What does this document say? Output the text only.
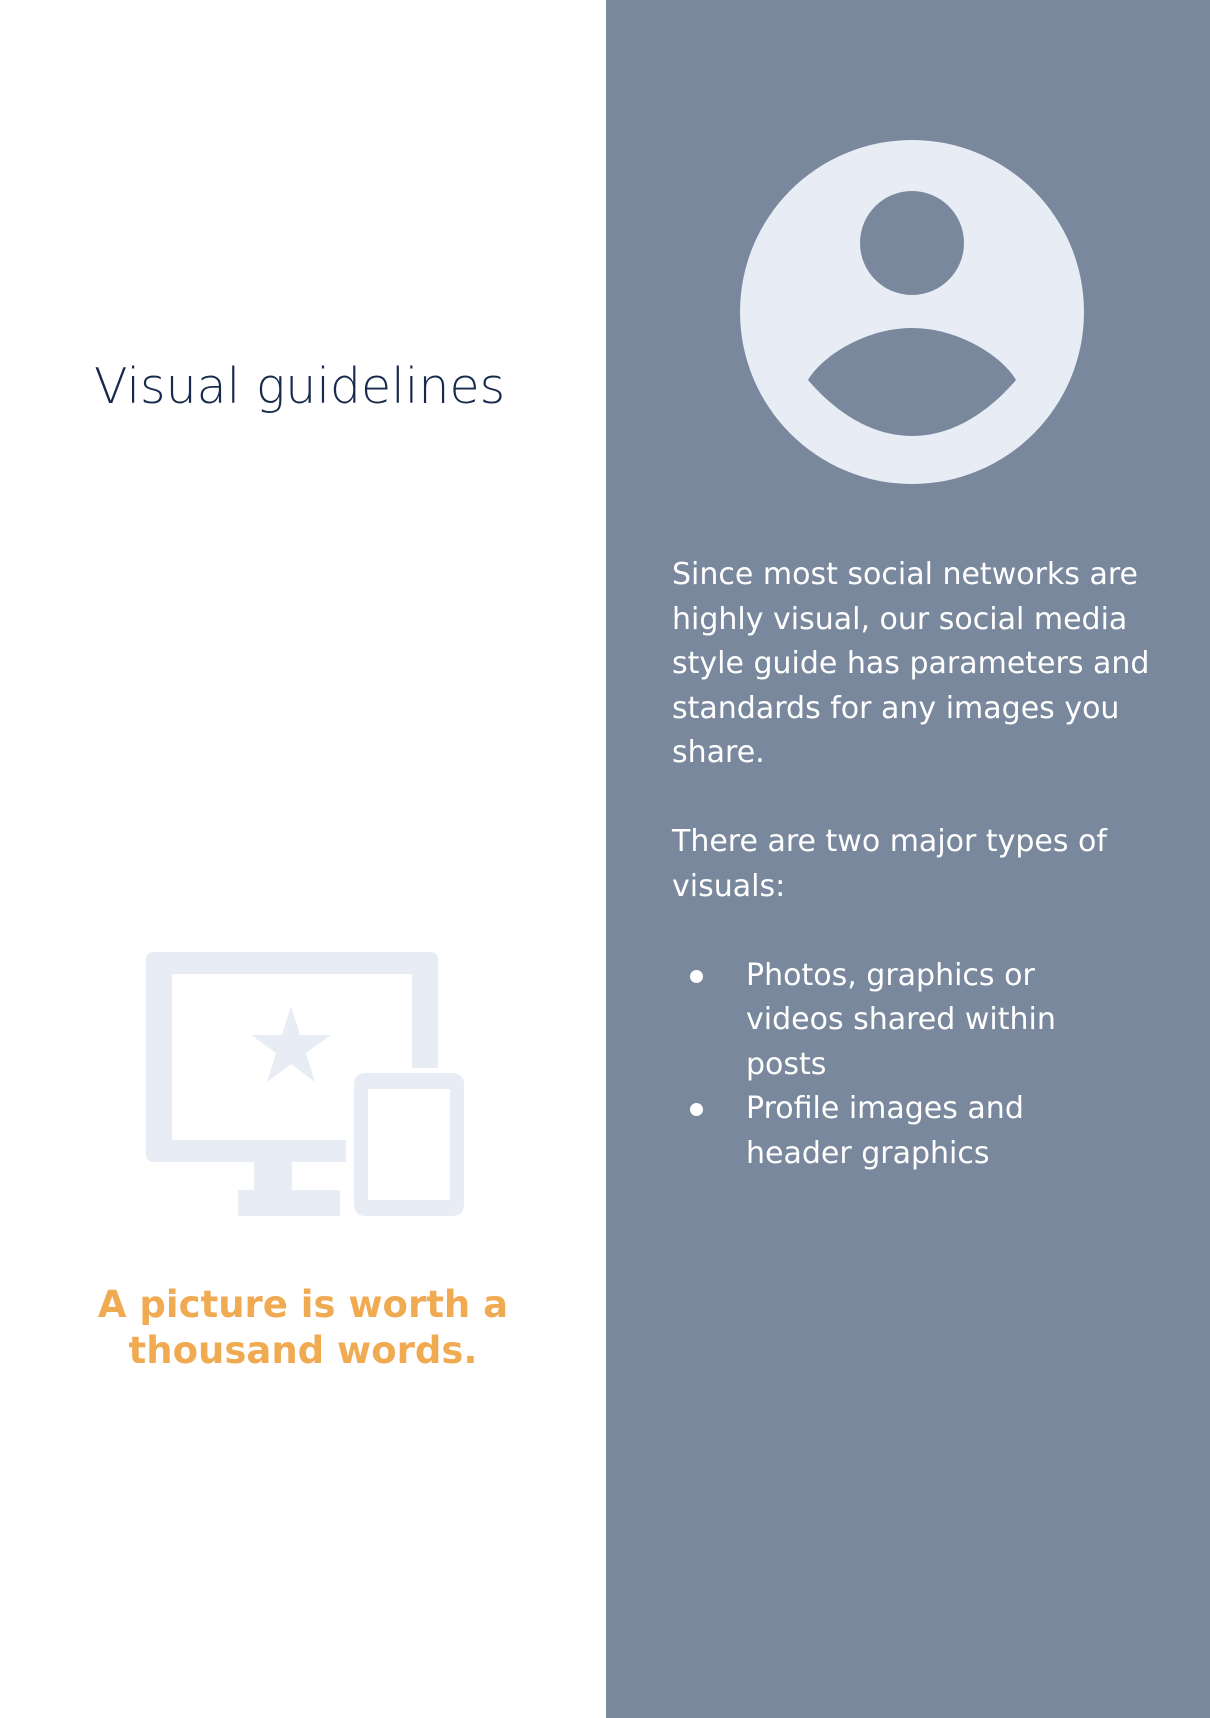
Visual guidelines

A picture is worth a thousand words.

Since most social networks are highly visual, our social media style guide has parameters and standards for any images you share.

There are two major types of visuals:

Photos, graphics or videos shared within posts
Profile images and header graphics
